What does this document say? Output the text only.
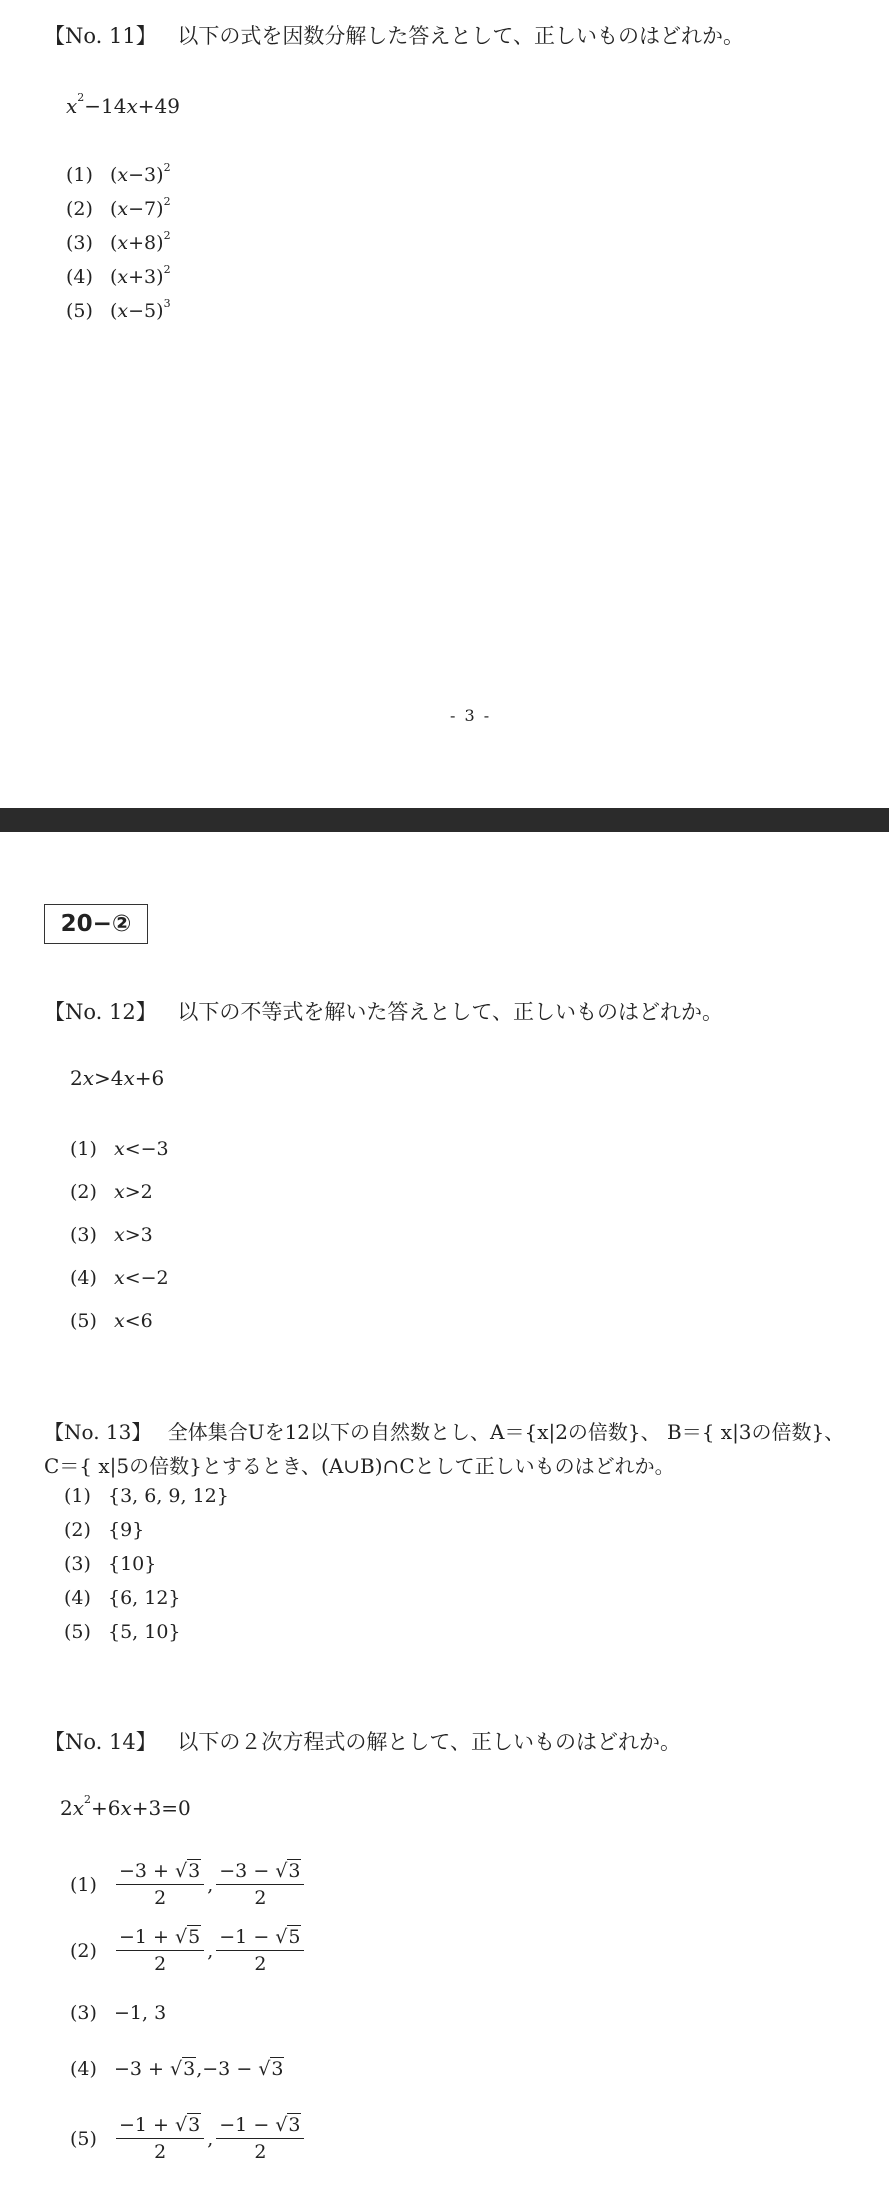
【No. 11】 以下の式を因数分解した答えとして、正しいものはどれか。
$x^2-14x+49$
(1) $(x-3)^2$
(2) $(x-7)^2$
(3) $(x+8)^2$
(4) $(x+3)^2$
(5) $(x-5)^3$
- 3 -
20−②
【No. 12】 以下の不等式を解いた答えとして、正しいものはどれか。
2x>4x+6
(1) x<−3
(2) x>2
(3) x>3
(4) x<−2
(5) x<6
【No. 13】 全体集合Uを12以下の自然数とし、A＝{x|2の倍数}、 B＝{ x|3の倍数}、
C＝{ x|5の倍数}とするとき、(A∪B)∩Cとして正しいものはどれか。
(1) {3, 6, 9, 12}
(2) {9}
(3) {10}
(4) {6, 12}
(5) {5, 10}
【No. 14】 以下の２次方程式の解として、正しいものはどれか。
$2x^2+6x+3=0$
(1)	$\frac{-3 + √3}{2}$ , $\frac{-3 - √3}{2}$
(2)	$\frac{-1 + √5}{2}$ , $\frac{-1 - √5}{2}$
(3) −1, 3
(4) −3 + √3,−3 − √3
(5)	$\frac{-1 + √3}{2}$ , $\frac{-1 - √3}{2}$
